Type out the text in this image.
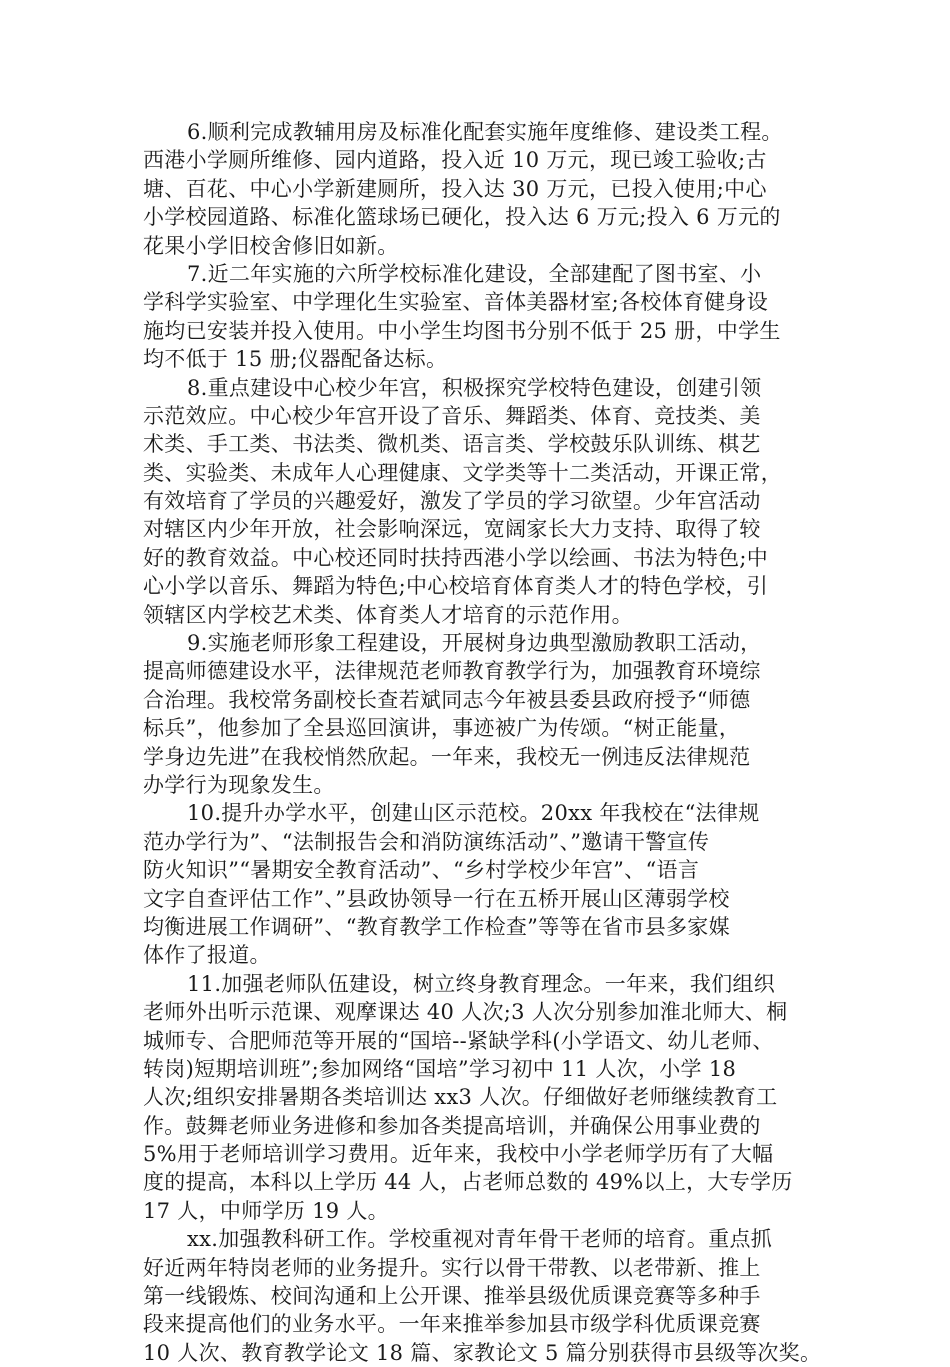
6.顺利完成教辅用房及标准化配套实施年度维修、建设类工程。
西港小学厕所维修、园内道路，投入近 10 万元，现已竣工验收;古
塘、百花、中心小学新建厕所，投入达 30 万元，已投入使用;中心
小学校园道路、标准化篮球场已硬化，投入达 6 万元;投入 6 万元的
花果小学旧校舍修旧如新。
7.近二年实施的六所学校标准化建设，全部建配了图书室、小
学科学实验室、中学理化生实验室、音体美器材室;各校体育健身设
施均已安装并投入使用。中小学生均图书分别不低于 25 册，中学生
均不低于 15 册;仪器配备达标。
8.重点建设中心校少年宫，积极探究学校特色建设，创建引领
示范效应。中心校少年宫开设了音乐、舞蹈类、体育、竞技类、美
术类、手工类、书法类、微机类、语言类、学校鼓乐队训练、棋艺
类、实验类、未成年人心理健康、文学类等十二类活动，开课正常，
有效培育了学员的兴趣爱好，激发了学员的学习欲望。少年宫活动
对辖区内少年开放，社会影响深远，宽阔家长大力支持、取得了较
好的教育效益。中心校还同时扶持西港小学以绘画、书法为特色;中
心小学以音乐、舞蹈为特色;中心校培育体育类人才的特色学校，引
领辖区内学校艺术类、体育类人才培育的示范作用。
9.实施老师形象工程建设，开展树身边典型激励教职工活动，
提高师德建设水平，法律规范老师教育教学行为，加强教育环境综
合治理。我校常务副校长查若斌同志今年被县委县政府授予“师德
标兵”，他参加了全县巡回演讲，事迹被广为传颂。“树正能量，
学身边先进”在我校悄然欣起。一年来，我校无一例违反法律规范
办学行为现象发生。
10.提升办学水平，创建山区示范校。20xx 年我校在“法律规
范办学行为”、“法制报告会和消防演练活动”、”邀请干警宣传
防火知识”“暑期安全教育活动”、“乡村学校少年宫”、“语言
文字自查评估工作”、”县政协领导一行在五桥开展山区薄弱学校
均衡进展工作调研”、“教育教学工作检查”等等在省市县多家媒
体作了报道。
11.加强老师队伍建设，树立终身教育理念。一年来，我们组织
老师外出听示范课、观摩课达 40 人次;3 人次分别参加淮北师大、桐
城师专、合肥师范等开展的“国培--紧缺学科(小学语文、幼儿老师、
转岗)短期培训班”;参加网络“国培”学习初中 11 人次，小学 18
人次;组织安排暑期各类培训达 xx3 人次。仔细做好老师继续教育工
作。鼓舞老师业务进修和参加各类提高培训，并确保公用事业费的
5%用于老师培训学习费用。近年来，我校中小学老师学历有了大幅
度的提高，本科以上学历 44 人，占老师总数的 49%以上，大专学历
17 人，中师学历 19 人。
xx.加强教科研工作。学校重视对青年骨干老师的培育。重点抓
好近两年特岗老师的业务提升。实行以骨干带教、以老带新、推上
第一线锻炼、校间沟通和上公开课、推举县级优质课竞赛等多种手
段来提高他们的业务水平。一年来推举参加县市级学科优质课竞赛
10 人次、教育教学论文 18 篇、家教论文 5 篇分别获得市县级等次奖。
